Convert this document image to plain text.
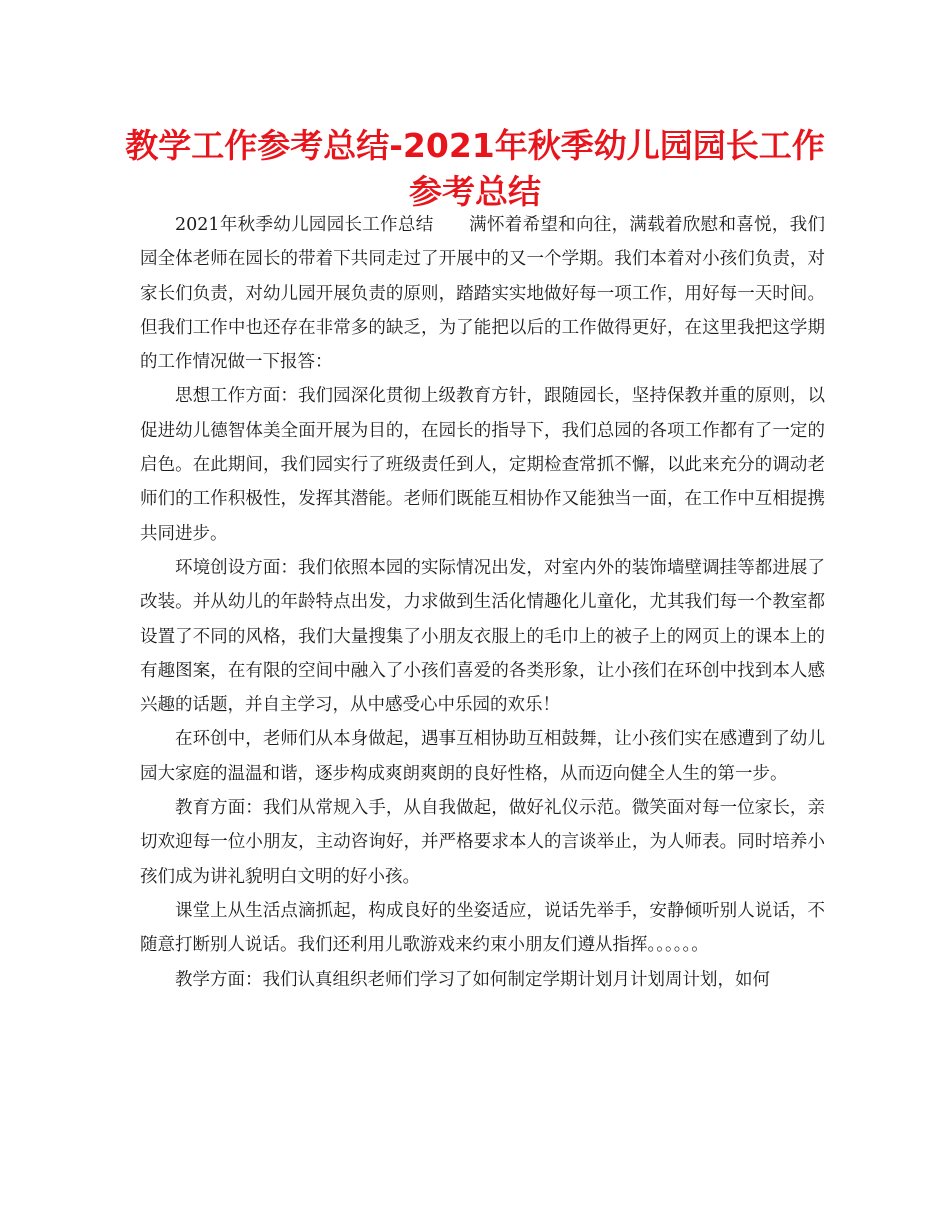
教学工作参考总结-2021年秋季幼儿园园长工作
参考总结

2021年秋季幼儿园园长工作总结　　满怀着希望和向往，满载着欣慰和喜悦，我们园全体老师在园长的带着下共同走过了开展中的又一个学期。我们本着对小孩们负责，对家长们负责，对幼儿园开展负责的原则，踏踏实实地做好每一项工作，用好每一天时间。但我们工作中也还存在非常多的缺乏，为了能把以后的工作做得更好，在这里我把这学期的工作情况做一下报答：

思想工作方面：我们园深化贯彻上级教育方针，跟随园长，坚持保教并重的原则，以促进幼儿德智体美全面开展为目的，在园长的指导下，我们总园的各项工作都有了一定的启色。在此期间，我们园实行了班级责任到人，定期检查常抓不懈，以此来充分的调动老师们的工作积极性，发挥其潜能。老师们既能互相协作又能独当一面，在工作中互相提携共同进步。

环境创设方面：我们依照本园的实际情况出发，对室内外的装饰墙壁调挂等都进展了改装。并从幼儿的年龄特点出发，力求做到生活化情趣化儿童化，尤其我们每一个教室都设置了不同的风格，我们大量搜集了小朋友衣服上的毛巾上的被子上的网页上的课本上的有趣图案，在有限的空间中融入了小孩们喜爱的各类形象，让小孩们在环创中找到本人感兴趣的话题，并自主学习，从中感受心中乐园的欢乐！

在环创中，老师们从本身做起，遇事互相协助互相鼓舞，让小孩们实在感遭到了幼儿园大家庭的温温和谐，逐步构成爽朗爽朗的良好性格，从而迈向健全人生的第一步。

教育方面：我们从常规入手，从自我做起，做好礼仪示范。微笑面对每一位家长，亲切欢迎每一位小朋友，主动咨询好，并严格要求本人的言谈举止，为人师表。同时培养小孩们成为讲礼貌明白文明的好小孩。

课堂上从生活点滴抓起，构成良好的坐姿适应，说话先举手，安静倾听别人说话，不随意打断别人说话。我们还利用儿歌游戏来约束小朋友们遵从指挥。。。。。。

教学方面：我们认真组织老师们学习了如何制定学期计划月计划周计划，如何
